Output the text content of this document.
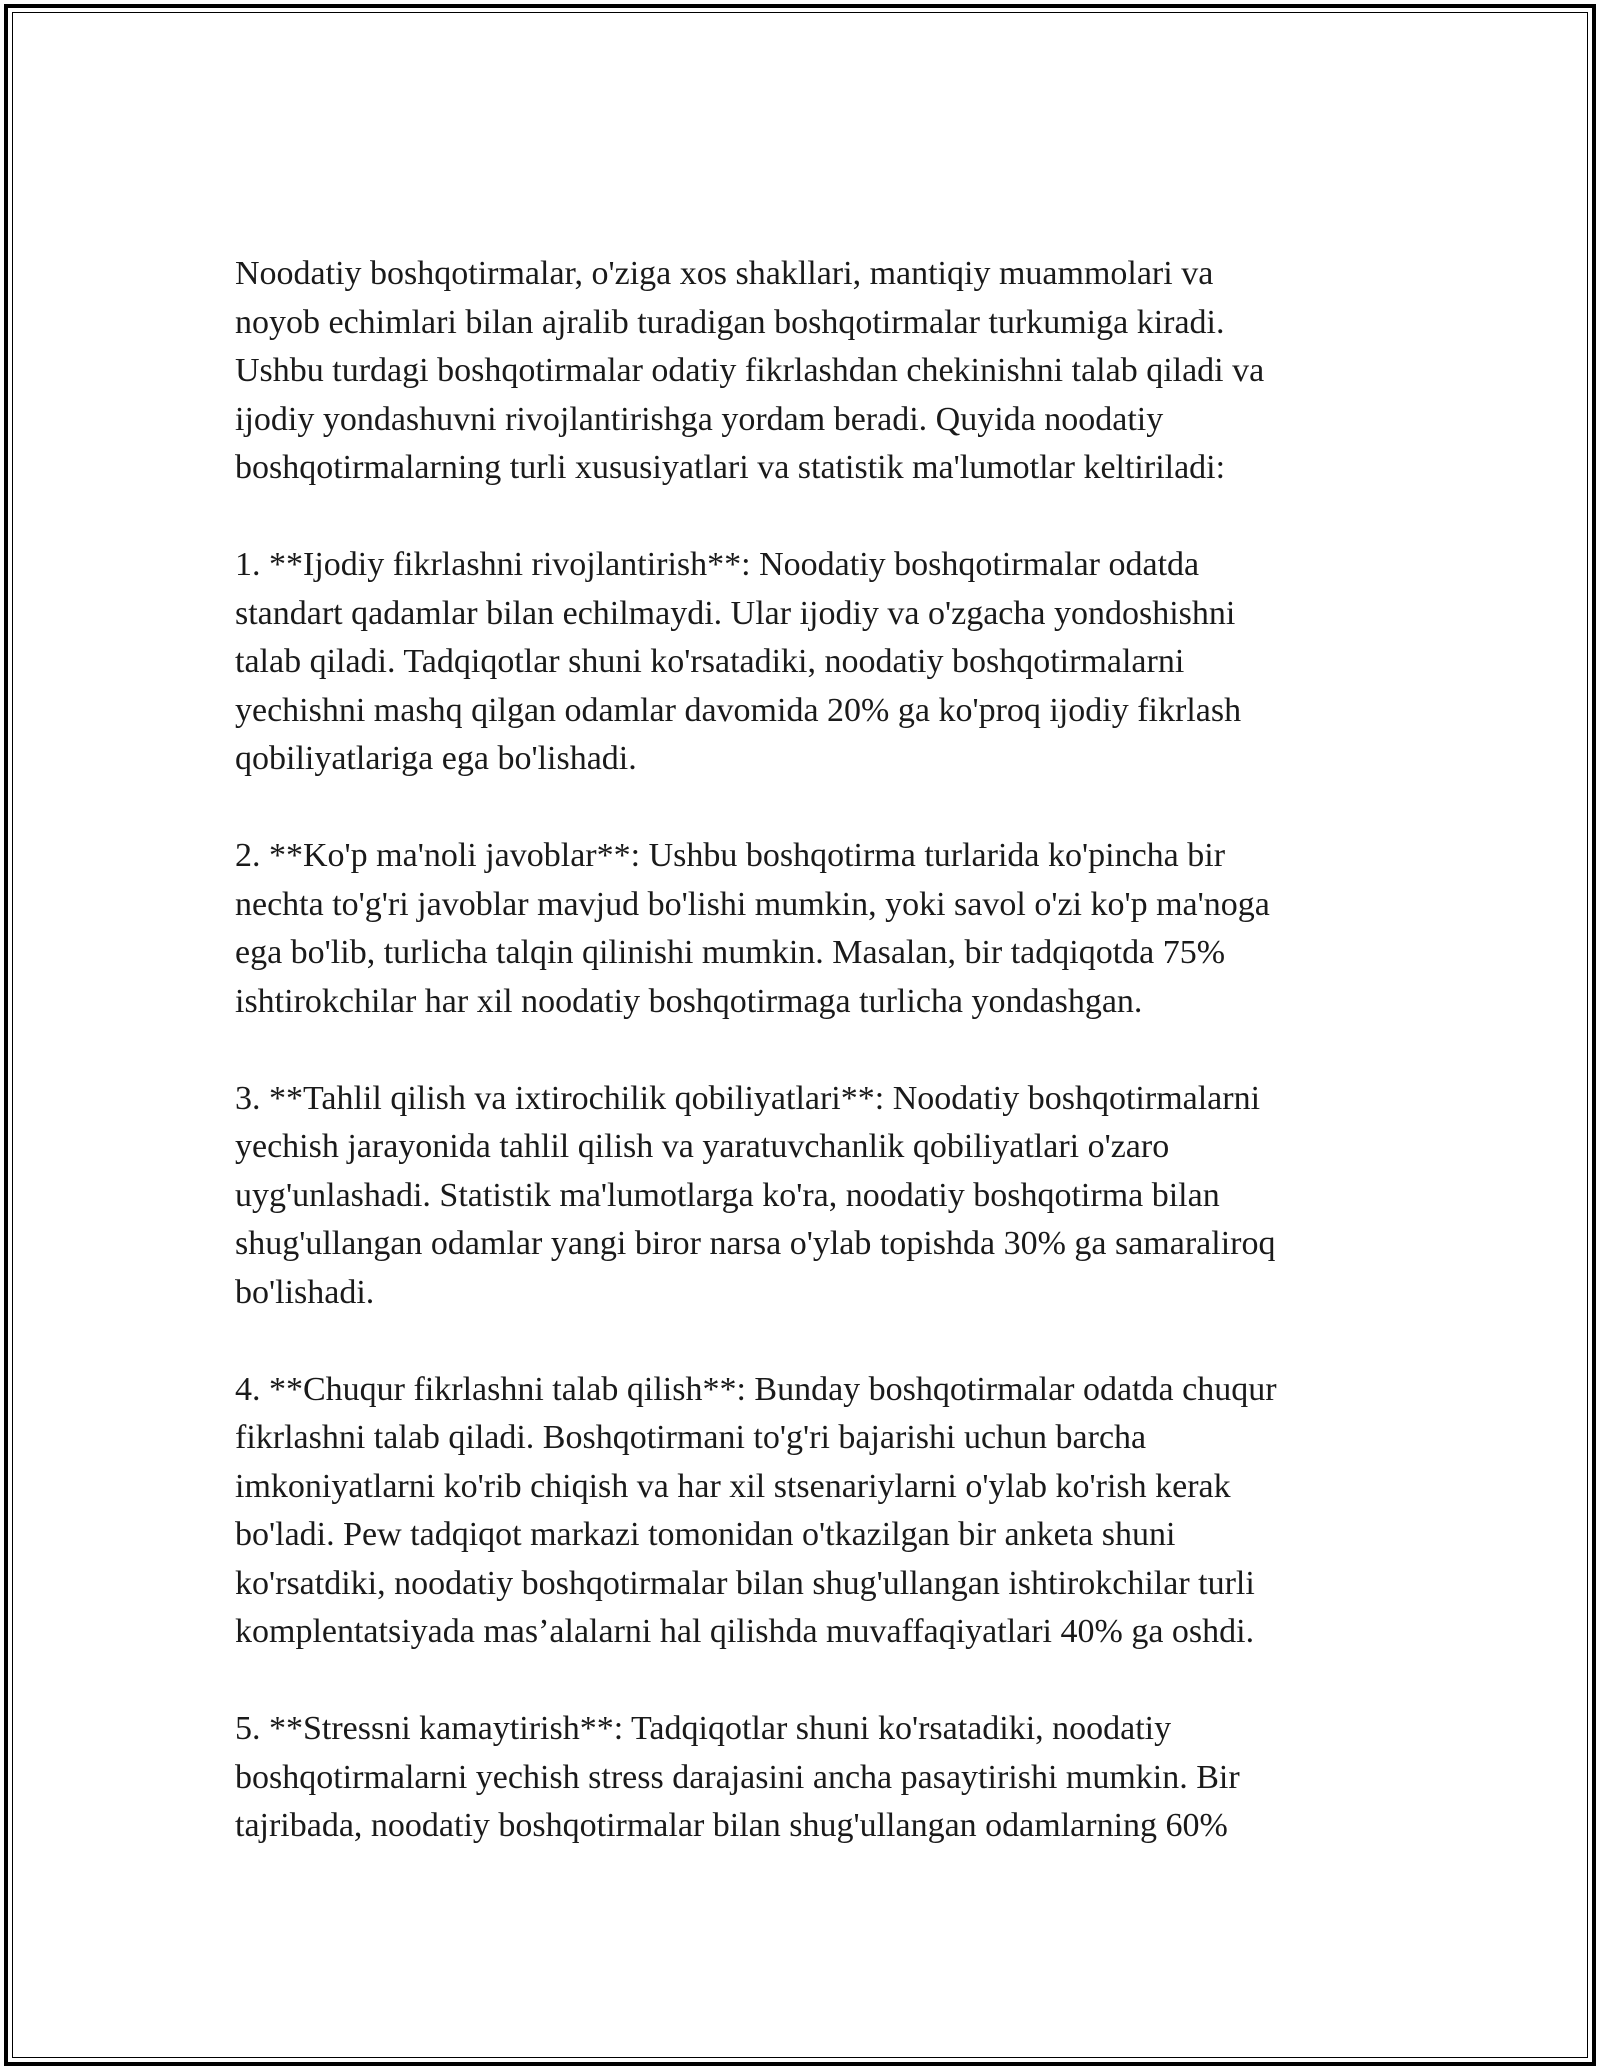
Noodatiy boshqotirmalar, o'ziga xos shakllari, mantiqiy muammolari va
noyob echimlari bilan ajralib turadigan boshqotirmalar turkumiga kiradi.
Ushbu turdagi boshqotirmalar odatiy fikrlashdan chekinishni talab qiladi va
ijodiy yondashuvni rivojlantirishga yordam beradi. Quyida noodatiy
boshqotirmalarning turli xususiyatlari va statistik ma'lumotlar keltiriladi:

1. **Ijodiy fikrlashni rivojlantirish**: Noodatiy boshqotirmalar odatda
standart qadamlar bilan echilmaydi. Ular ijodiy va o'zgacha yondoshishni
talab qiladi. Tadqiqotlar shuni ko'rsatadiki, noodatiy boshqotirmalarni
yechishni mashq qilgan odamlar davomida 20% ga ko'proq ijodiy fikrlash
qobiliyatlariga ega bo'lishadi.

2. **Ko'p ma'noli javoblar**: Ushbu boshqotirma turlarida ko'pincha bir
nechta to'g'ri javoblar mavjud bo'lishi mumkin, yoki savol o'zi ko'p ma'noga
ega bo'lib, turlicha talqin qilinishi mumkin. Masalan, bir tadqiqotda 75%
ishtirokchilar har xil noodatiy boshqotirmaga turlicha yondashgan.

3. **Tahlil qilish va ixtirochilik qobiliyatlari**: Noodatiy boshqotirmalarni
yechish jarayonida tahlil qilish va yaratuvchanlik qobiliyatlari o'zaro
uyg'unlashadi. Statistik ma'lumotlarga ko'ra, noodatiy boshqotirma bilan
shug'ullangan odamlar yangi biror narsa o'ylab topishda 30% ga samaraliroq
bo'lishadi.

4. **Chuqur fikrlashni talab qilish**: Bunday boshqotirmalar odatda chuqur
fikrlashni talab qiladi. Boshqotirmani to'g'ri bajarishi uchun barcha
imkoniyatlarni ko'rib chiqish va har xil stsenariylarni o'ylab ko'rish kerak
bo'ladi. Pew tadqiqot markazi tomonidan o'tkazilgan bir anketa shuni
ko'rsatdiki, noodatiy boshqotirmalar bilan shug'ullangan ishtirokchilar turli
komplentatsiyada mas’alalarni hal qilishda muvaffaqiyatlari 40% ga oshdi.

5. **Stressni kamaytirish**: Tadqiqotlar shuni ko'rsatadiki, noodatiy
boshqotirmalarni yechish stress darajasini ancha pasaytirishi mumkin. Bir
tajribada, noodatiy boshqotirmalar bilan shug'ullangan odamlarning 60%
